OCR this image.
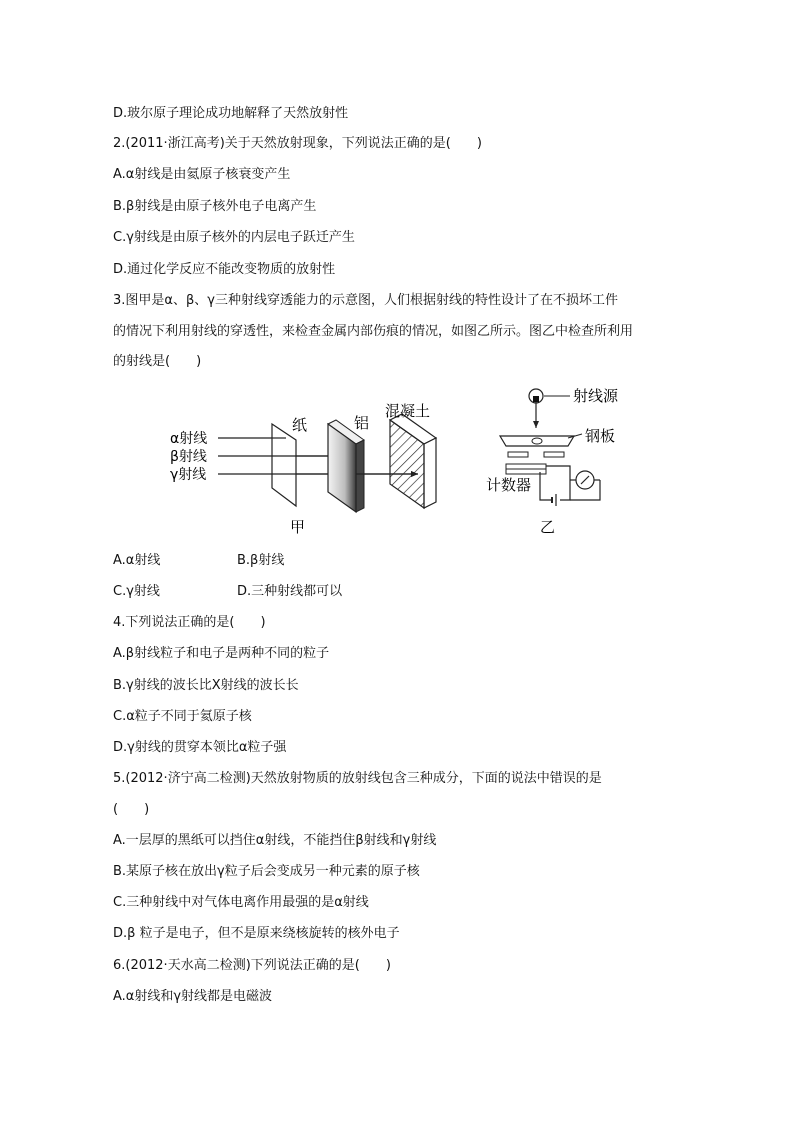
D.玻尔原子理论成功地解释了天然放射性
2.(2011·浙江高考)关于天然放射现象，下列说法正确的是(　　)
A.α射线是由氦原子核衰变产生
B.β射线是由原子核外电子电离产生
C.γ射线是由原子核外的内层电子跃迁产生
D.通过化学反应不能改变物质的放射性
3.图甲是α、β、γ三种射线穿透能力的示意图，人们根据射线的特性设计了在不损坏工件
的情况下利用射线的穿透性，来检查金属内部伤痕的情况，如图乙所示。图乙中检查所利用
的射线是(　　)
α射线
β射线
γ射线
纸	铝
混凝土
甲
射线源
钢板
计数器
乙
A.α射线	B.β射线
C.γ射线	D.三种射线都可以
4.下列说法正确的是(　　)
A.β射线粒子和电子是两种不同的粒子
B.γ射线的波长比X射线的波长长
C.α粒子不同于氦原子核
D.γ射线的贯穿本领比α粒子强
5.(2012·济宁高二检测)天然放射物质的放射线包含三种成分，下面的说法中错误的是
(　　)
A.一层厚的黑纸可以挡住α射线，不能挡住β射线和γ射线
B.某原子核在放出γ粒子后会变成另一种元素的原子核
C.三种射线中对气体电离作用最强的是α射线
D.β 粒子是电子，但不是原来绕核旋转的核外电子
6.(2012·天水高二检测)下列说法正确的是(　　)
A.α射线和γ射线都是电磁波
